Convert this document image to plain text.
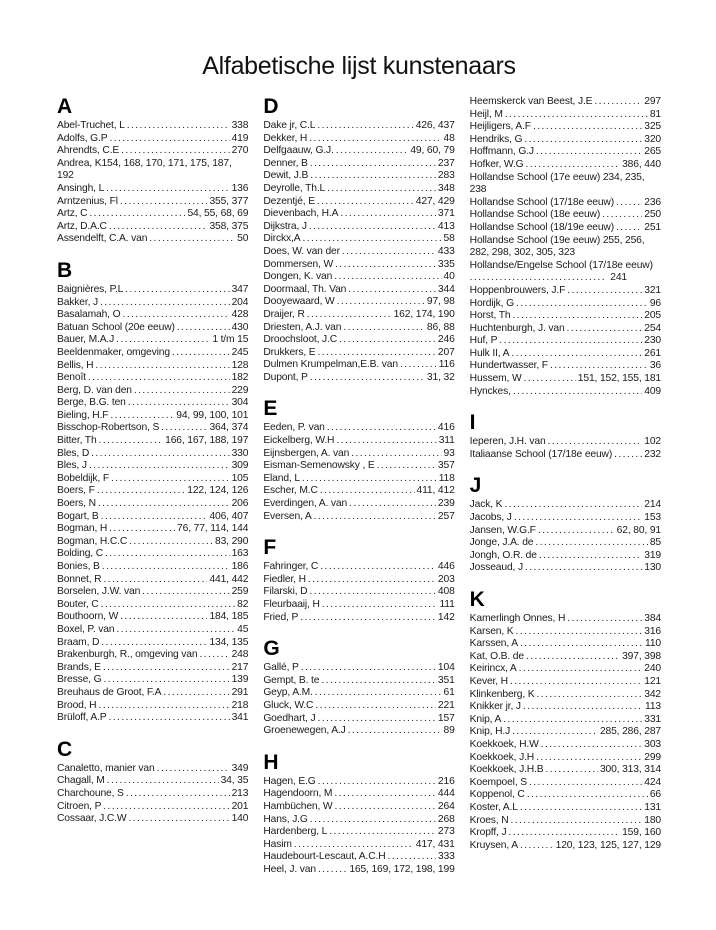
Alfabetische lijst kunstenaars
A
Abel-Truchet, L .....	338
Adolfs, G.P .....	419
Ahrendts, C.E .....	270
Andrea, K154, 168, 170, 171, 175, 187, 192
Ansingh, L .....	136
Arntzenius, Fl .....	355, 377
Artz, C .....	54, 55, 68, 69
Artz, D.A.C .....	358, 375
Assendelft, C.A. van .....	50
B
Baignières, P.L .....	347
Bakker, J .....	204
Basalamah, O .....	428
Batuan School (20e eeuw) .....	430
Bauer, M.A.J .....	1 t/m 15
Beeldenmaker, omgeving .....	245
Bellis, H .....	128
Benoît .....	182
Berg, D. van den .....	229
Berge, B.G. ten .....	304
Bieling, H.F .....	94, 99, 100, 101
Bisschop-Robertson, S .....	364, 374
Bitter, Th .....	166, 167, 188, 197
Bles, D .....	330
Bles, J .....	309
Bobeldijk, F .....	105
Boers, F .....	122, 124, 126
Boers, N .....	206
Bogart, B .....	406, 407
Bogman, H .....	76, 77, 114, 144
Bogman, H.C.C .....	83, 290
Bolding, C .....	163
Bonies, B .....	186
Bonnet, R .....	441, 442
Borselen, J.W. van .....	259
Bouter, C .....	82
Bouthoorn, W .....	184, 185
Boxel, P. van .....	45
Braam, D .....	134, 135
Brakenburgh, R., omgeving van .....	248
Brands, E .....	217
Bresse, G .....	139
Breuhaus de Groot, F.A .....	291
Brood, H .....	218
Brüloff, A.P .....	341
C
Canaletto, manier van .....	349
Chagall, M .....	34, 35
Charchoune, S .....	213
Citroen, P .....	201
Cossaar, J.C.W .....	140
D
Dake jr, C.L .....	426, 437
Dekker, H .....	48
Delfgaauw, G.J. .....	49, 60, 79
Denner, B .....	237
Dewit, J.B .....	283
Deyrolle, Th.L .....	348
Dezentjé, E .....	427, 429
Dievenbach, H.A .....	371
Dijkstra, J .....	413
Dirckx,A .....	58
Does, W. van der .....	433
Dommersen, W .....	335
Dongen, K. van .....	40
Doormaal, Th. Van .....	344
Dooyewaard, W .....	97, 98
Draijer, R .....	162, 174, 190
Driesten, A.J. van .....	86, 88
Droochsloot, J.C .....	246
Drukkers, E .....	207
Dulmen Krumpelman,E.B. van .....	116
Dupont, P .....	31, 32
E
Eeden, P. van .....	416
Eickelberg, W.H .....	311
Eijnsbergen, A. van .....	93
Eisman-Semenowsky , E .....	357
Eland, L .....	118
Escher, M.C .....	411, 412
Everdingen, A. van .....	239
Eversen, A .....	257
F
Fahringer, C .....	446
Fiedler, H .....	203
Filarski, D .....	408
Fleurbaaij, H .....	111
Fried, P .....	142
G
Gallé, P .....	104
Gempt, B. te .....	351
Geyp, A.M. .....	61
Gluck, W.C .....	221
Goedhart, J .....	157
Groenewegen, A.J .....	89
H
Hagen, E.G .....	216
Hagendoorn, M .....	444
Hambüchen, W .....	264
Hans, J.G .....	268
Hardenberg, L .....	273
Hasim .....	417, 431
Haudebourt-Lescaut, A.C.H .....	333
Heel, J. van .....	165, 169, 172, 198, 199
Heemskerck van Beest, J.E .....	297
Heijl, M .....	81
Heijligers, A.F .....	325
Hendriks, G .....	320
Hoffmann, G.J .....	265
Hofker, W.G .....	386, 440
Hollandse School (17e eeuw) 234, 235, 238
Hollandse School (17/18e eeuw) .....	236
Hollandse School (18e eeuw) .....	250
Hollandse School (18/19e eeuw) .....	251
Hollandse School (19e eeuw) 255, 256, 282, 298, 302, 305, 323
Hollandse/Engelse School (17/18e eeuw)..... 241
Hoppenbrouwers, J.F .....	321
Hordijk, G .....	96
Horst, Th .....	205
Huchtenburgh, J. van .....	254
Huf, P .....	230
Hulk II, A .....	261
Hundertwasser, F .....	36
Hussem, W .....	151, 152, 155, 181
Hynckes, .....	409
I
Ieperen, J.H. van .....	102
Italiaanse School (17/18e eeuw) .....	232
J
Jack, K .....	214
Jacobs, J .....	153
Jansen, W.G.F .....	62, 80, 91
Jonge, J.A. de .....	85
Jongh, O.R. de .....	319
Josseaud, J .....	130
K
Kamerlingh Onnes, H .....	384
Karsen, K .....	316
Karssen, A .....	110
Kat, O.B. de .....	397, 398
Keirincx, A .....	240
Kever, H .....	121
Klinkenberg, K .....	342
Knikker jr, J .....	113
Knip, A .....	331
Knip, H.J .....	285, 286, 287
Koekkoek, H.W .....	303
Koekkoek, J.H .....	299
Koekkoek, J.H.B .....	300, 313, 314
Koempoel, S .....	424
Koppenol, C .....	66
Koster, A.L .....	131
Kroes, N .....	180
Kropff, J .....	159, 160
Kruysen, A .....	120, 123, 125, 127, 129
